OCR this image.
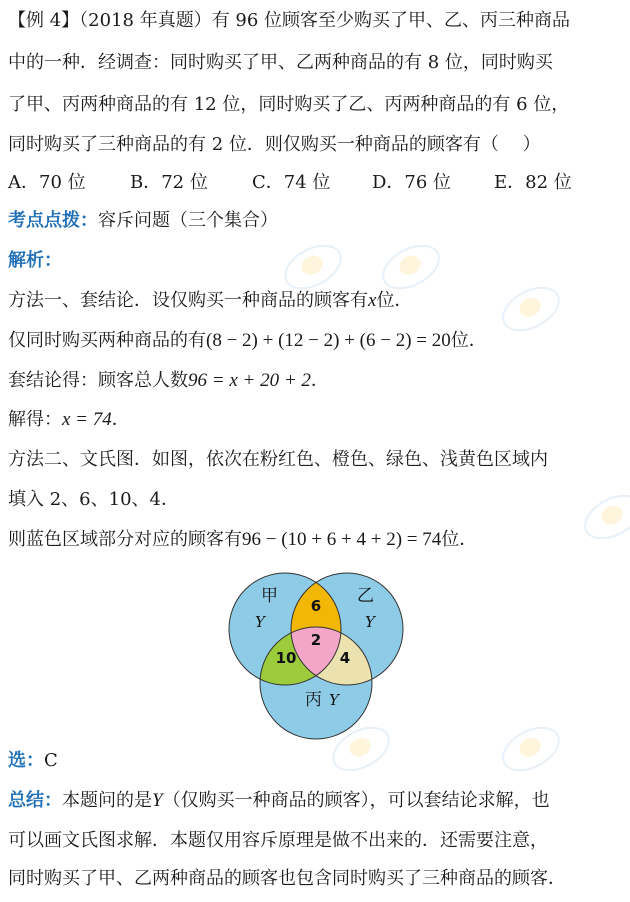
【例 4】（2018 年真题）有 96 位顾客至少购买了甲、乙、丙三种商品
中的一种．经调查：同时购买了甲、乙两种商品的有 8 位，同时购买
了甲、丙两种商品的有 12 位，同时购买了乙、丙两种商品的有 6 位，
同时购买了三种商品的有 2 位．则仅购买一种商品的顾客有（　 ）
A．70 位 B．72 位 C．74 位 D．76 位 E．82 位
考点点拨：容斥问题（三个集合）
解析：
方法一、套结论．设仅购买一种商品的顾客有x位．
仅同时购买两种商品的有(8 − 2) + (12 − 2) + (6 − 2) = 20位．
套结论得：顾客总人数96 = x + 20 + 2．
解得：x = 74．
方法二、文氏图．如图，依次在粉红色、橙色、绿色、浅黄色区域内
填入 2、6、10、4．
则蓝色区域部分对应的顾客有96 − (10 + 6 + 4 + 2) = 74位．
甲
Y
乙
Y
丙 Y
6
2
10	4
选：C
总结：本题问的是Y（仅购买一种商品的顾客），可以套结论求解，也
可以画文氏图求解．本题仅用容斥原理是做不出来的．还需要注意，
同时购买了甲、乙两种商品的顾客也包含同时购买了三种商品的顾客．
